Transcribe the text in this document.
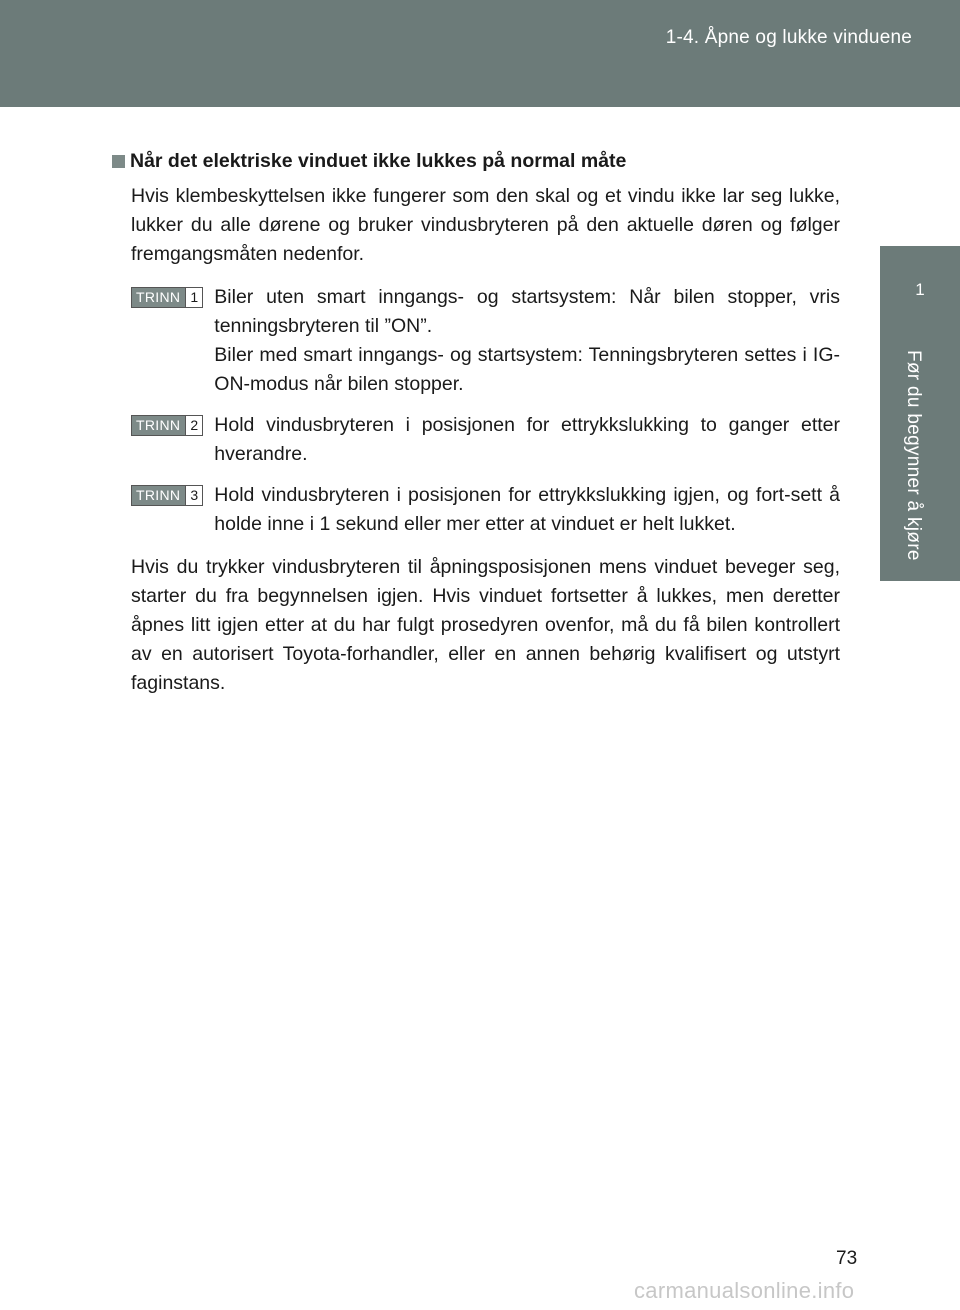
1-4. Åpne og lukke vinduene
1
Før du begynner å kjøre
Når det elektriske vinduet ikke lukkes på normal måte
Hvis klembeskyttelsen ikke fungerer som den skal og et vindu ikke lar seg lukke, lukker du alle dørene og bruker vindusbryteren på den aktuelle døren og følger fremgangsmåten nedenfor.
TRINN 1 Biler uten smart inngangs- og startsystem: Når bilen stopper, vris tenningsbryteren til ”ON”.
Biler med smart inngangs- og startsystem: Tenningsbryteren settes i IG-ON-modus når bilen stopper.
TRINN 2 Hold vindusbryteren i posisjonen for ettrykkslukking to ganger etter hverandre.
TRINN 3 Hold vindusbryteren i posisjonen for ettrykkslukking igjen, og fort-sett å holde inne i 1 sekund eller mer etter at vinduet er helt lukket.
Hvis du trykker vindusbryteren til åpningsposisjonen mens vinduet beveger seg, starter du fra begynnelsen igjen. Hvis vinduet fortsetter å lukkes, men deretter åpnes litt igjen etter at du har fulgt prosedyren ovenfor, må du få bilen kontrollert av en autorisert Toyota-forhandler, eller en annen behørig kvalifisert og utstyrt faginstans.
73
carmanualsonline.info
